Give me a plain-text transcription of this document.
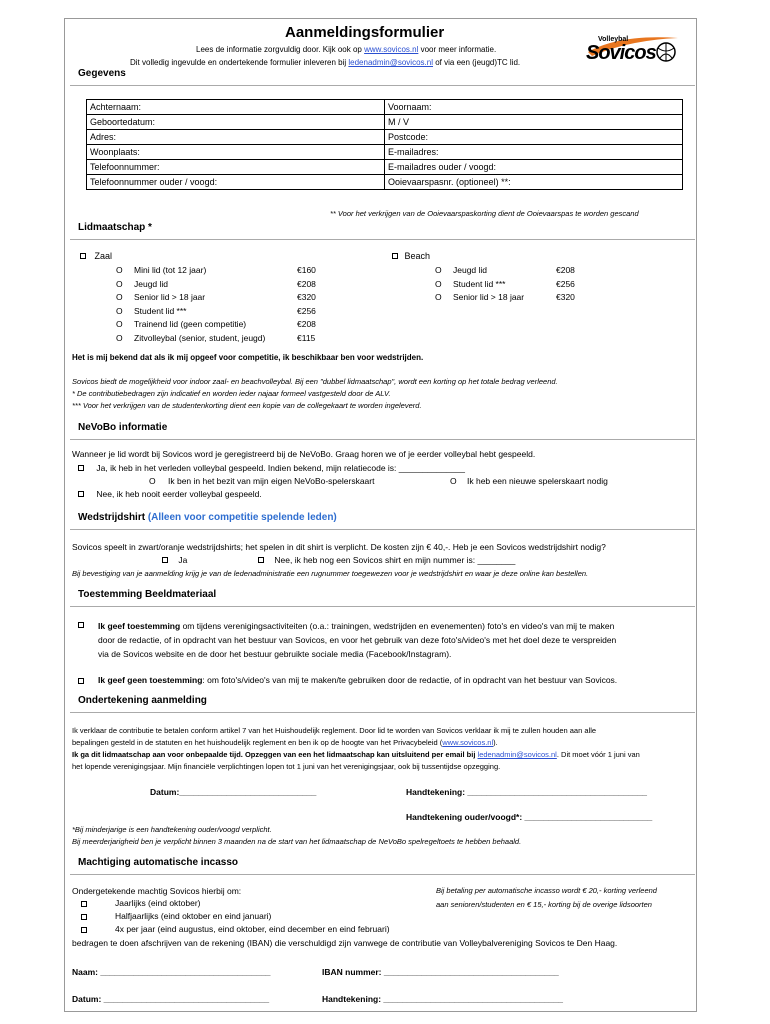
Aanmeldingsformulier
Lees de informatie zorgvuldig door. Kijk ook op www.sovicos.nl voor meer informatie.
Dit volledig ingevulde en ondertekende formulier inleveren bij ledenadmin@sovicos.nl of via een (jeugd)TC lid.
Volleybal
Sovicos
Gegevens
Achternaam:	Voornaam:
Geboortedatum:	M / V
Adres:	Postcode:
Woonplaats:	E-mailadres:
Telefoonnummer:	E-mailadres ouder / voogd:
Telefoonnummer ouder / voogd:	Ooievaarspasnr. (optioneel) **:
** Voor het verkrijgen van de Ooievaarspaskorting dient de Ooievaarspas te worden gescand
Lidmaatschap *
Zaal	Beach
O Mini lid (tot 12 jaar)	€160
O Jeugd lid	€208
O Senior lid > 18 jaar	€320
O Student lid ***	€256
O Trainend lid (geen competitie)	€208
O Zitvolleybal (senior, student, jeugd)	€115
O Jeugd lid	€208
O Student lid ***	€256
O Senior lid > 18 jaar	€320
Het is mij bekend dat als ik mij opgeef voor competitie, ik beschikbaar ben voor wedstrijden.
Sovicos biedt de mogelijkheid voor indoor zaal- en beachvolleybal. Bij een "dubbel lidmaatschap", wordt een korting op het totale bedrag verleend.
* De contributiebedragen zijn indicatief en worden ieder najaar formeel vastgesteld door de ALV.
*** Voor het verkrijgen van de studentenkorting dient een kopie van de collegekaart te worden ingeleverd.
NeVoBo informatie
Wanneer je lid wordt bij Sovicos word je geregistreerd bij de NeVoBo. Graag horen we of je eerder volleybal hebt gespeeld.
Ja, ik heb in het verleden volleybal gespeeld. Indien bekend, mijn relatiecode is: ______________
O Ik ben in het bezit van mijn eigen NeVoBo-spelerskaart	O Ik heb een nieuwe spelerskaart nodig
Nee, ik heb nooit eerder volleybal gespeeld.
Wedstrijdshirt (Alleen voor competitie spelende leden)
Sovicos speelt in zwart/oranje wedstrijdshirts; het spelen in dit shirt is verplicht. De kosten zijn € 40,-. Heb je een Sovicos wedstrijdshirt nodig?
Ja	Nee, ik heb nog een Sovicos shirt en mijn nummer is: ________
Bij bevestiging van je aanmelding krijg je van de ledenadministratie een rugnummer toegewezen voor je wedstrijdshirt en waar je deze online kan bestellen.
Toestemming Beeldmateriaal
Ik geef toestemming om tijdens verenigingsactiviteiten (o.a.: trainingen, wedstrijden en evenementen) foto's en video's van mij te maken
door de redactie, of in opdracht van het bestuur van Sovicos, en voor het gebruik van deze foto's/video's met het doel deze te verspreiden
via de Sovicos website en de door het bestuur gebruikte sociale media (Facebook/Instagram).
Ik geef geen toestemming: om foto's/video's van mij te maken/te gebruiken door de redactie, of in opdracht van het bestuur van Sovicos.
Ondertekening aanmelding
Ik verklaar de contributie te betalen conform artikel 7 van het Huishoudelijk reglement. Door lid te worden van Sovicos verklaar ik mij te zullen houden aan alle
bepalingen gesteld in de statuten en het huishoudelijk reglement en ben ik op de hoogte van het Privacybeleid (www.sovicos.nl).
Ik ga dit lidmaatschap aan voor onbepaalde tijd. Opzeggen van een het lidmaatschap kan uitsluitend per email bij ledenadmin@sovicos.nl. Dit moet vóór 1 juni van
het lopende verenigingsjaar. Mijn financiële verplichtingen lopen tot 1 juni van het verenigingsjaar, ook bij tussentijdse opzegging.
Datum:_____________________________	Handtekening: ______________________________________
Handtekening ouder/voogd*: ___________________________
*Bij minderjarige is een handtekening ouder/voogd verplicht.
Bij meerderjarigheid ben je verplicht binnen 3 maanden na de start van het lidmaatschap de NeVoBo spelregeltoets te hebben behaald.
Machtiging automatische incasso
Ondergetekende machtig Sovicos hierbij om:	Bij betaling per automatische incasso wordt € 20,- korting verleend
aan senioren/studenten en € 15,- korting bij de overige lidsoorten
Jaarlijks (eind oktober)
Halfjaarlijks (eind oktober en eind januari)
4x per jaar (eind augustus, eind oktober, eind december en eind februari)
bedragen te doen afschrijven van de rekening (IBAN) die verschuldigd zijn vanwege de contributie van Volleybalvereniging Sovicos te Den Haag.
Naam: ____________________________________	IBAN nummer: _____________________________________
Datum: ___________________________________	Handtekening: ______________________________________
